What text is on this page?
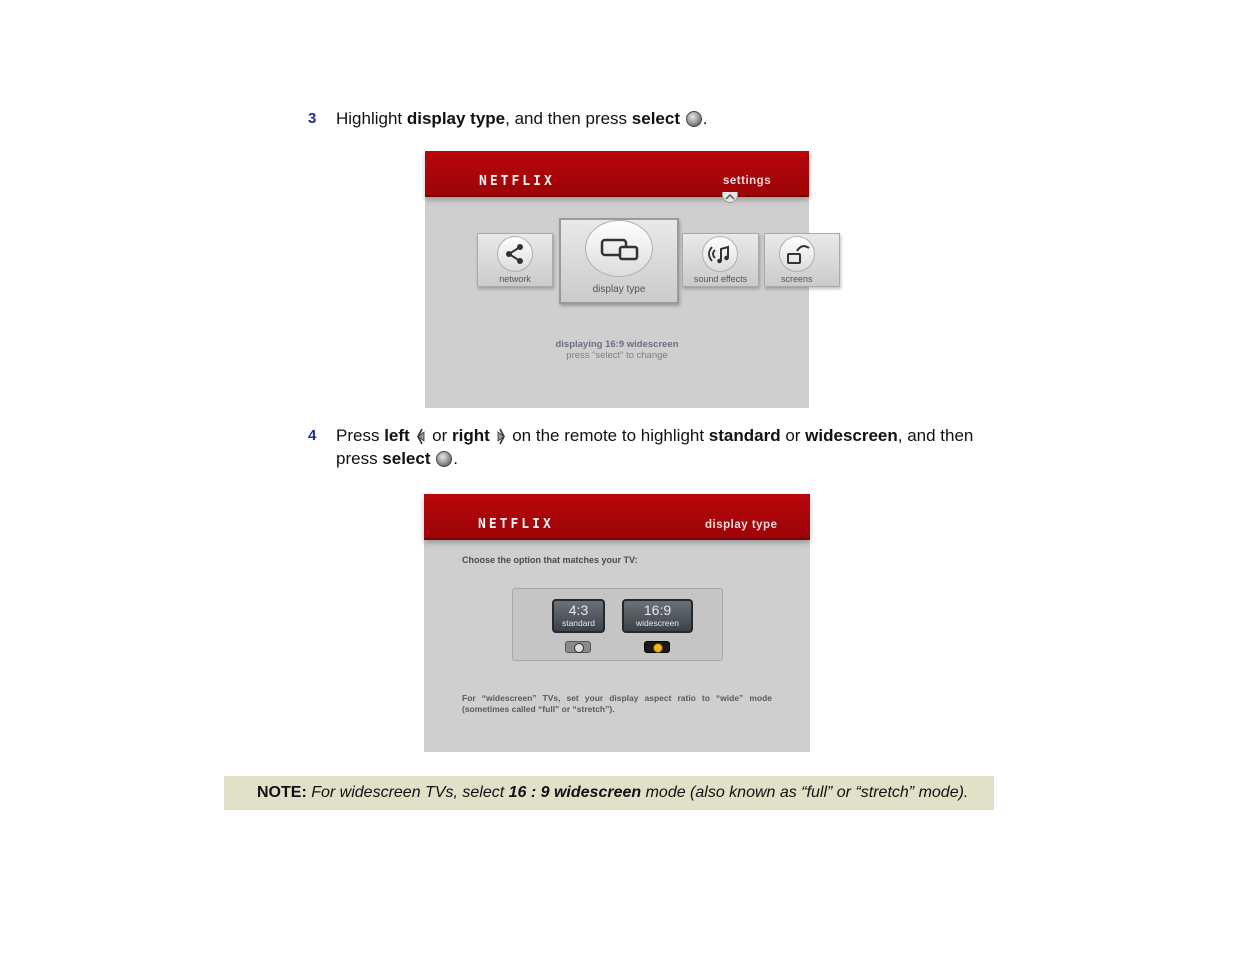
3 Highlight display type, and then press select .
NETFLIX	settings
network
display type
sound effects	screens
displaying 16:9 widescreen
press “select” to change
4 Press left  or right  on the remote to highlight standard or widescreen, and then
press select .
NETFLIX	display type
Choose the option that matches your TV:
4:3
standard
16:9
widescreen
For “widescreen” TVs, set your display aspect ratio to “wide” mode (sometimes called “full” or “stretch”).
NOTE: For widescreen TVs, select 16 : 9 widescreen mode (also known as “full” or “stretch” mode).
